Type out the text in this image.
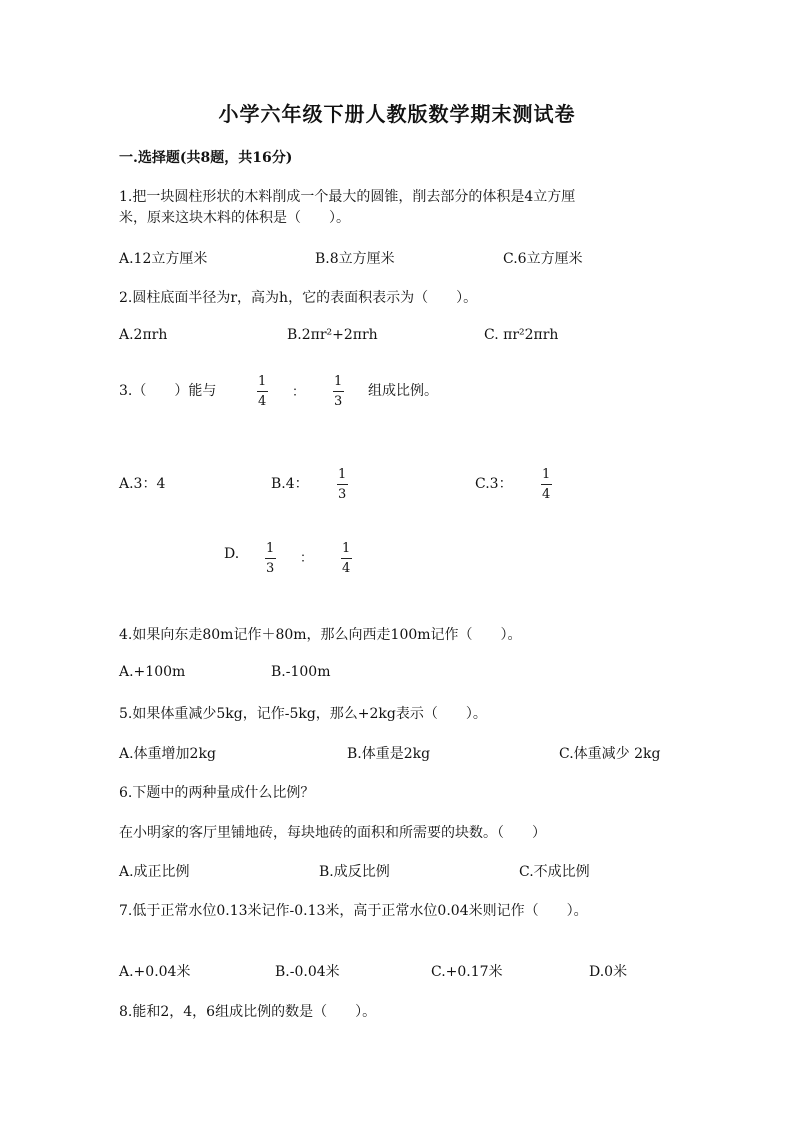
小学六年级下册人教版数学期末测试卷
一.选择题(共8题，共16分)
1.把一块圆柱形状的木料削成一个最大的圆锥，削去部分的体积是4立方厘
米，原来这块木料的体积是（　　）。
A.12立方厘米	B.8立方厘米	C.6立方厘米
2.圆柱底面半径为r，高为h，它的表面积表示为（　　）。
A.2πrh	B.2πr²+2πrh	C. πr²2πrh
3.（　　）能与
1
4
：
1
3
组成比例。
A.3：4	B.4：
1
3
C.3：
1
4
D. 1
3
：
1
4
4.如果向东走80m记作＋80m，那么向西走100m记作（　　）。
A.+100m	B.-100m
5.如果体重减少5kg，记作-5kg，那么+2kg表示（　　）。
A.体重增加2kg	B.体重是2kg	C.体重减少 2kg
6.下题中的两种量成什么比例？
在小明家的客厅里铺地砖，每块地砖的面积和所需要的块数。（　　）
A.成正比例	B.成反比例	C.不成比例
7.低于正常水位0.13米记作-0.13米，高于正常水位0.04米则记作（　　）。
A.+0.04米	B.-0.04米	C.+0.17米	D.0米
8.能和2，4，6组成比例的数是（　　）。
